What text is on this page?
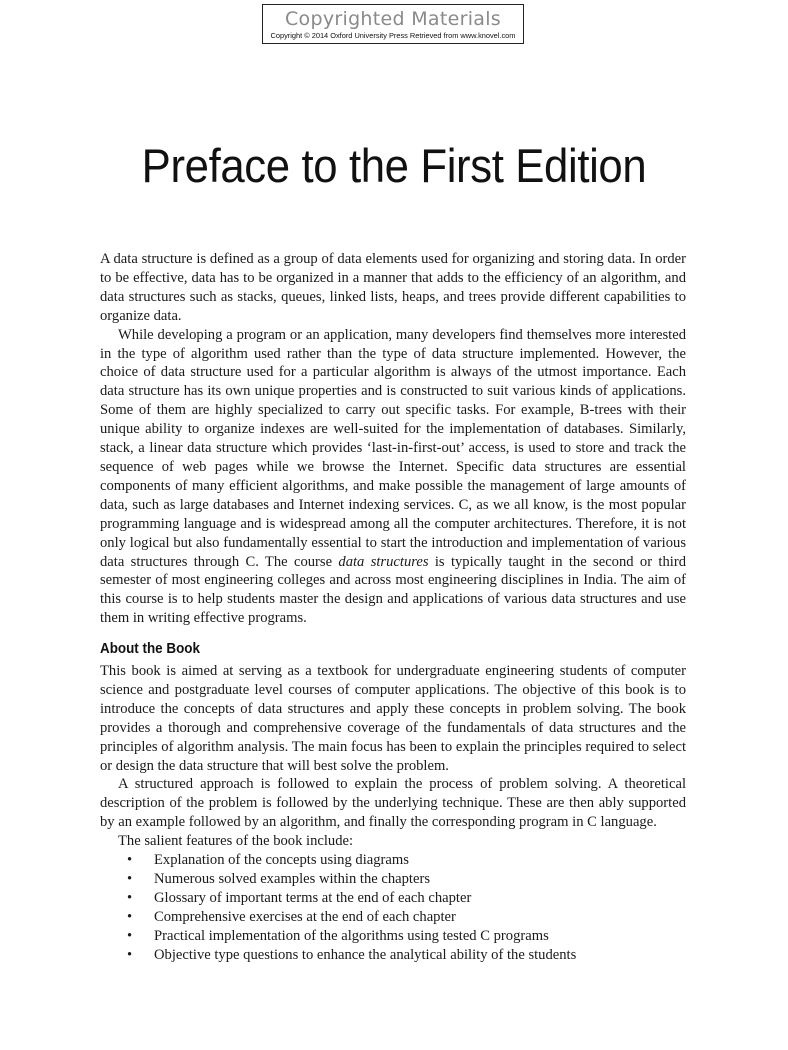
Copyrighted Materials
Copyright © 2014 Oxford University Press Retrieved from www.knovel.com
Preface to the First Edition

A data structure is defined as a group of data elements used for organizing and storing data. In order to be effective, data has to be organized in a manner that adds to the efficiency of an algorithm, and data structures such as stacks, queues, linked lists, heaps, and trees provide different capabilities to organize data.

While developing a program or an application, many developers find themselves more interested in the type of algorithm used rather than the type of data structure implemented. However, the choice of data structure used for a particular algorithm is always of the utmost importance. Each data structure has its own unique properties and is constructed to suit various kinds of applications. Some of them are highly specialized to carry out specific tasks. For example, B-trees with their unique ability to organize indexes are well-suited for the implementation of databases. Similarly, stack, a linear data structure which provides ‘last-in-first-out’ access, is used to store and track the sequence of web pages while we browse the Internet. Specific data structures are essential components of many efficient algorithms, and make possible the management of large amounts of data, such as large databases and Internet indexing services. C, as we all know, is the most popular programming language and is widespread among all the computer architectures. Therefore, it is not only logical but also fundamentally essential to start the introduction and implementation of various data structures through C. The course data structures is typically taught in the second or third semester of most engineering colleges and across most engineering disciplines in India. The aim of this course is to help students master the design and applications of various data structures and use them in writing effective programs.

About the Book

This book is aimed at serving as a textbook for undergraduate engineering students of computer science and postgraduate level courses of computer applications. The objective of this book is to introduce the concepts of data structures and apply these concepts in problem solving. The book provides a thorough and comprehensive coverage of the fundamentals of data structures and the principles of algorithm analysis. The main focus has been to explain the principles required to select or design the data structure that will best solve the problem.

A structured approach is followed to explain the process of problem solving. A theoretical description of the problem is followed by the underlying technique. These are then ably supported by an example followed by an algorithm, and finally the corresponding program in C language.

The salient features of the book include:

• Explanation of the concepts using diagrams
• Numerous solved examples within the chapters
• Glossary of important terms at the end of each chapter
• Comprehensive exercises at the end of each chapter
• Practical implementation of the algorithms using tested C programs
• Objective type questions to enhance the analytical ability of the students
